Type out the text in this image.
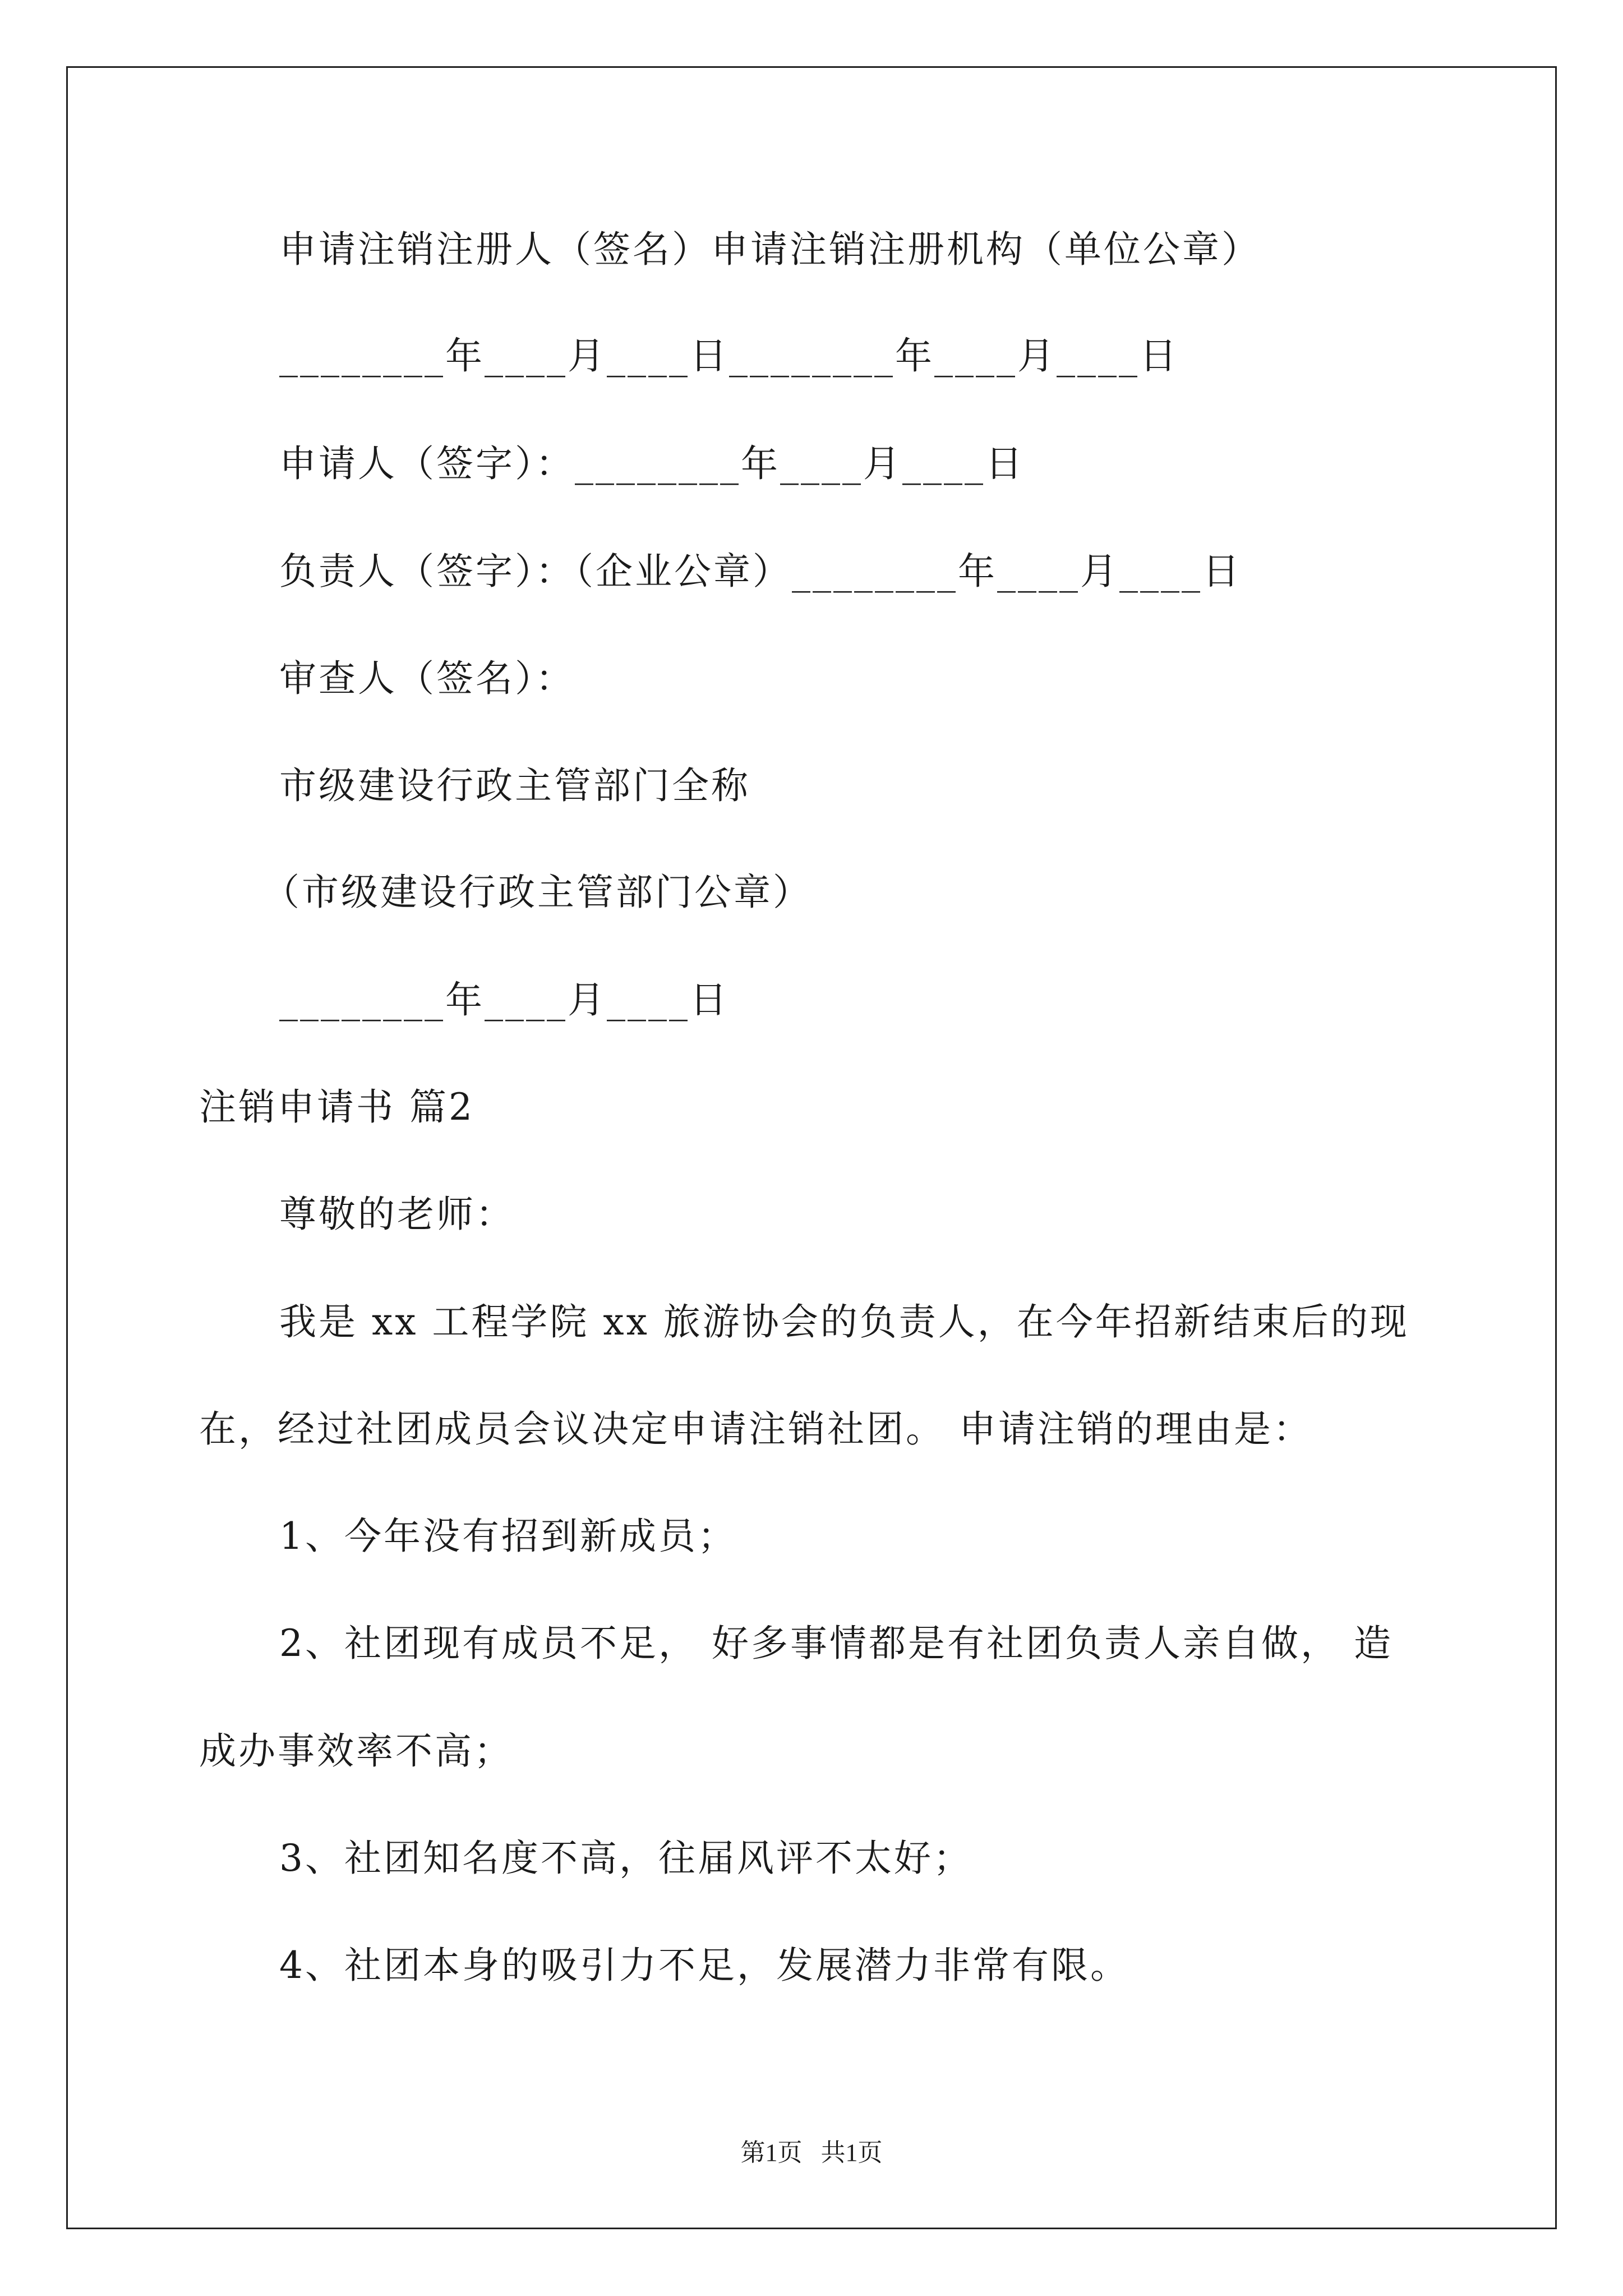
申请注销注册人（签名）申请注销注册机构（单位公章）
________年____月____日________年____月____日
申请人（签字）：________年____月____日
负责人（签字）：（企业公章）________年____月____日
审查人（签名）：
市级建设行政主管部门全称
（市级建设行政主管部门公章）
________年____月____日
注销申请书 篇2
尊敬的老师：
我是 xx 工程学院 xx 旅游协会的负责人，在今年招新结束后的现
在，经过社团成员会议决定申请注销社团。 申请注销的理由是：
1、今年没有招到新成员；
2、社团现有成员不足， 好多事情都是有社团负责人亲自做， 造
成办事效率不高；
3、社团知名度不高，往届风评不太好；
4、社团本身的吸引力不足，发展潜力非常有限。
第1页   共1页
